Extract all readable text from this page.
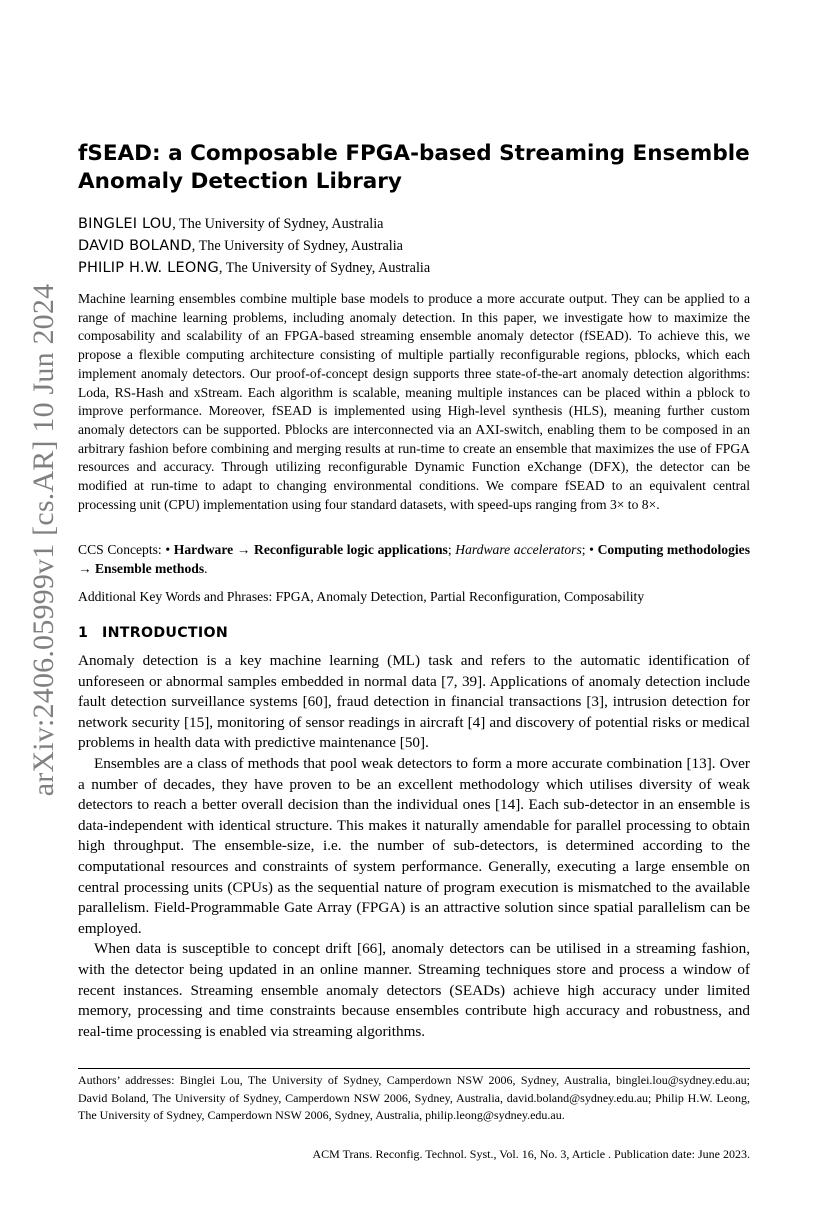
arXiv:2406.05999v1 [cs.AR] 10 Jun 2024
fSEAD: a Composable FPGA-based Streaming Ensemble Anomaly Detection Library
BINGLEI LOU, The University of Sydney, Australia
DAVID BOLAND, The University of Sydney, Australia
PHILIP H.W. LEONG, The University of Sydney, Australia

Machine learning ensembles combine multiple base models to produce a more accurate output. They can be applied to a range of machine learning problems, including anomaly detection. In this paper, we investigate how to maximize the composability and scalability of an FPGA-based streaming ensemble anomaly detector (fSEAD). To achieve this, we propose a flexible computing architecture consisting of multiple partially reconfigurable regions, pblocks, which each implement anomaly detectors. Our proof-of-concept design supports three state-of-the-art anomaly detection algorithms: Loda, RS-Hash and xStream. Each algorithm is scalable, meaning multiple instances can be placed within a pblock to improve performance. Moreover, fSEAD is implemented using High-level synthesis (HLS), meaning further custom anomaly detectors can be supported. Pblocks are interconnected via an AXI-switch, enabling them to be composed in an arbitrary fashion before combining and merging results at run-time to create an ensemble that maximizes the use of FPGA resources and accuracy. Through utilizing reconfigurable Dynamic Function eXchange (DFX), the detector can be modified at run-time to adapt to changing environmental conditions. We compare fSEAD to an equivalent central processing unit (CPU) implementation using four standard datasets, with speed-ups ranging from 3× to 8×.

CCS Concepts: • Hardware → Reconfigurable logic applications; Hardware accelerators; • Computing methodologies → Ensemble methods.

Additional Key Words and Phrases: FPGA, Anomaly Detection, Partial Reconfiguration, Composability

1 INTRODUCTION

Anomaly detection is a key machine learning (ML) task and refers to the automatic identification of unforeseen or abnormal samples embedded in normal data [7, 39]. Applications of anomaly detection include fault detection surveillance systems [60], fraud detection in financial transactions [3], intrusion detection for network security [15], monitoring of sensor readings in aircraft [4] and discovery of potential risks or medical problems in health data with predictive maintenance [50].

Ensembles are a class of methods that pool weak detectors to form a more accurate combination [13]. Over a number of decades, they have proven to be an excellent methodology which utilises diversity of weak detectors to reach a better overall decision than the individual ones [14]. Each sub-detector in an ensemble is data-independent with identical structure. This makes it naturally amendable for parallel processing to obtain high throughput. The ensemble-size, i.e. the number of sub-detectors, is determined according to the computational resources and constraints of system performance. Generally, executing a large ensemble on central processing units (CPUs) as the sequential nature of program execution is mismatched to the available parallelism. Field-Programmable Gate Array (FPGA) is an attractive solution since spatial parallelism can be employed.

When data is susceptible to concept drift [66], anomaly detectors can be utilised in a streaming fashion, with the detector being updated in an online manner. Streaming techniques store and process a window of recent instances. Streaming ensemble anomaly detectors (SEADs) achieve high accuracy under limited memory, processing and time constraints because ensembles contribute high accuracy and robustness, and real-time processing is enabled via streaming algorithms.

Authors’ addresses: Binglei Lou, The University of Sydney, Camperdown NSW 2006, Sydney, Australia, binglei.lou@sydney.edu.au; David Boland, The University of Sydney, Camperdown NSW 2006, Sydney, Australia, david.boland@sydney.edu.au; Philip H.W. Leong, The University of Sydney, Camperdown NSW 2006, Sydney, Australia, philip.leong@sydney.edu.au.

ACM Trans. Reconfig. Technol. Syst., Vol. 16, No. 3, Article . Publication date: June 2023.
